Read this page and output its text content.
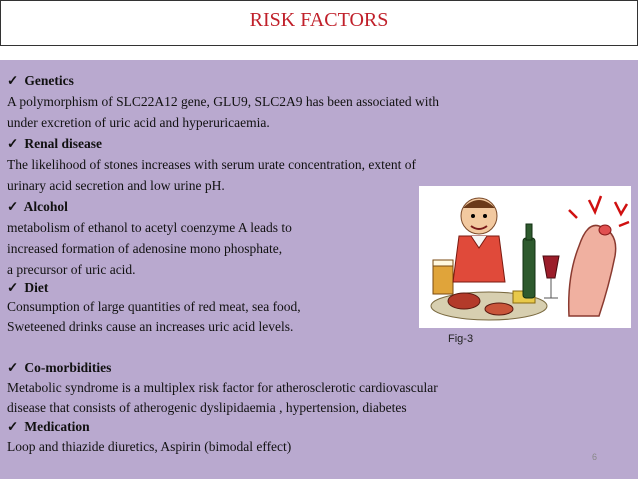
RISK FACTORS
✓ Genetics
A polymorphism of SLC22A12 gene, GLU9, SLC2A9 has been associated with
under excretion of uric acid and hyperuricaemia.
✓ Renal disease
The likelihood of stones increases with serum urate concentration, extent of
urinary acid secretion and low urine pH.
✓ Alcohol
metabolism of ethanol to acetyl coenzyme A leads to
increased formation of adenosine mono phosphate,
a precursor of uric acid.
✓ Diet
Consumption of large quantities of red meat, sea food,
Sweteened drinks cause an increases uric acid levels.
✓ Co-morbidities
Metabolic syndrome is a multiplex risk factor for atherosclerotic cardiovascular
disease that consists of atherogenic dyslipidaemia , hypertension, diabetes
✓ Medication
Loop and thiazide diuretics, Aspirin (bimodal effect)
Fig-3
6
